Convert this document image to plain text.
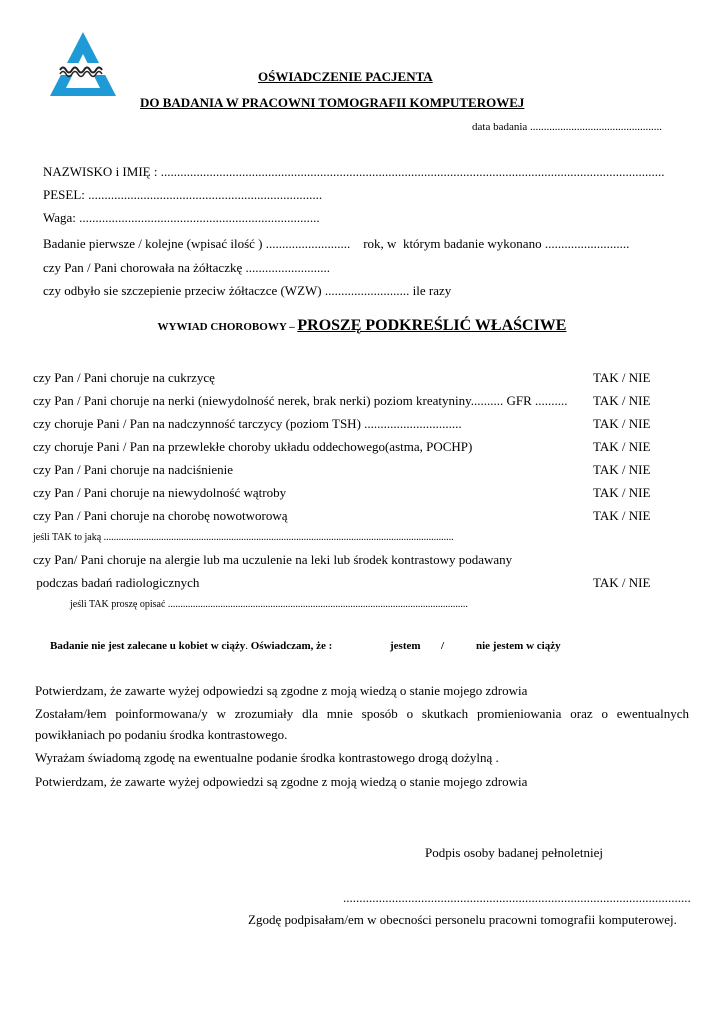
OŚWIADCZENIE PACJENTA
DO BADANIA W PRACOWNI TOMOGRAFII KOMPUTEROWEJ
data badania ................................................
NAZWISKO i IMIĘ : ...........................................................................................................................................................
PESEL: ........................................................................
Waga: ..........................................................................
Badanie pierwsze / kolejne (wpisać ilość ) ..........................    rok, w  którym badanie wykonano ..........................
czy Pan / Pani chorowała na żółtaczkę ..........................
czy odbyło sie szczepienie przeciw żółtaczce (WZW) .......................... ile razy
WYWIAD CHOROBOWY – PROSZĘ PODKREŚLIĆ WŁAŚCIWE
czy Pan / Pani choruje na cukrzycę	TAK / NIE
czy Pan / Pani choruje na nerki (niewydolność nerek, brak nerki) poziom kreatyniny.......... GFR .......... TAK / NIE
czy choruje Pani / Pan na nadczynność tarczycy (poziom TSH) ..............................	TAK / NIE
czy choruje Pani / Pan na przewlekłe choroby układu oddechowego(astma, POCHP)	TAK / NIE
czy Pan / Pani choruje na nadciśnienie	TAK / NIE
czy Pan / Pani choruje na niewydolność wątroby	TAK / NIE
czy Pan / Pani choruje na chorobę nowotworową	TAK / NIE
jeśli TAK to jaką ............................................................................................................................................
czy Pan/ Pani choruje na alergie lub ma uczulenie na leki lub środek kontrastowy podawany
podczas badań radiologicznych	TAK / NIE
jeśli TAK proszę opisać ........................................................................................................................
Badanie nie jest zalecane u kobiet w ciąży. Oświadczam, że :	jestem /	nie jestem w ciąży
Potwierdzam, że zawarte wyżej odpowiedzi są zgodne z moją wiedzą o stanie mojego zdrowia
Zostałam/łem poinformowana/y w zrozumiały dla mnie sposób o skutkach promieniowania oraz o ewentualnych
powikłaniach po podaniu środka kontrastowego.
Wyrażam świadomą zgodę na ewentualne podanie środka kontrastowego drogą dożylną .
Potwierdzam, że zawarte wyżej odpowiedzi są zgodne z moją wiedzą o stanie mojego zdrowia
Podpis osoby badanej pełnoletniej
...........................................................................................................
Zgodę podpisałam/em w obecności personelu pracowni tomografii komputerowej.
